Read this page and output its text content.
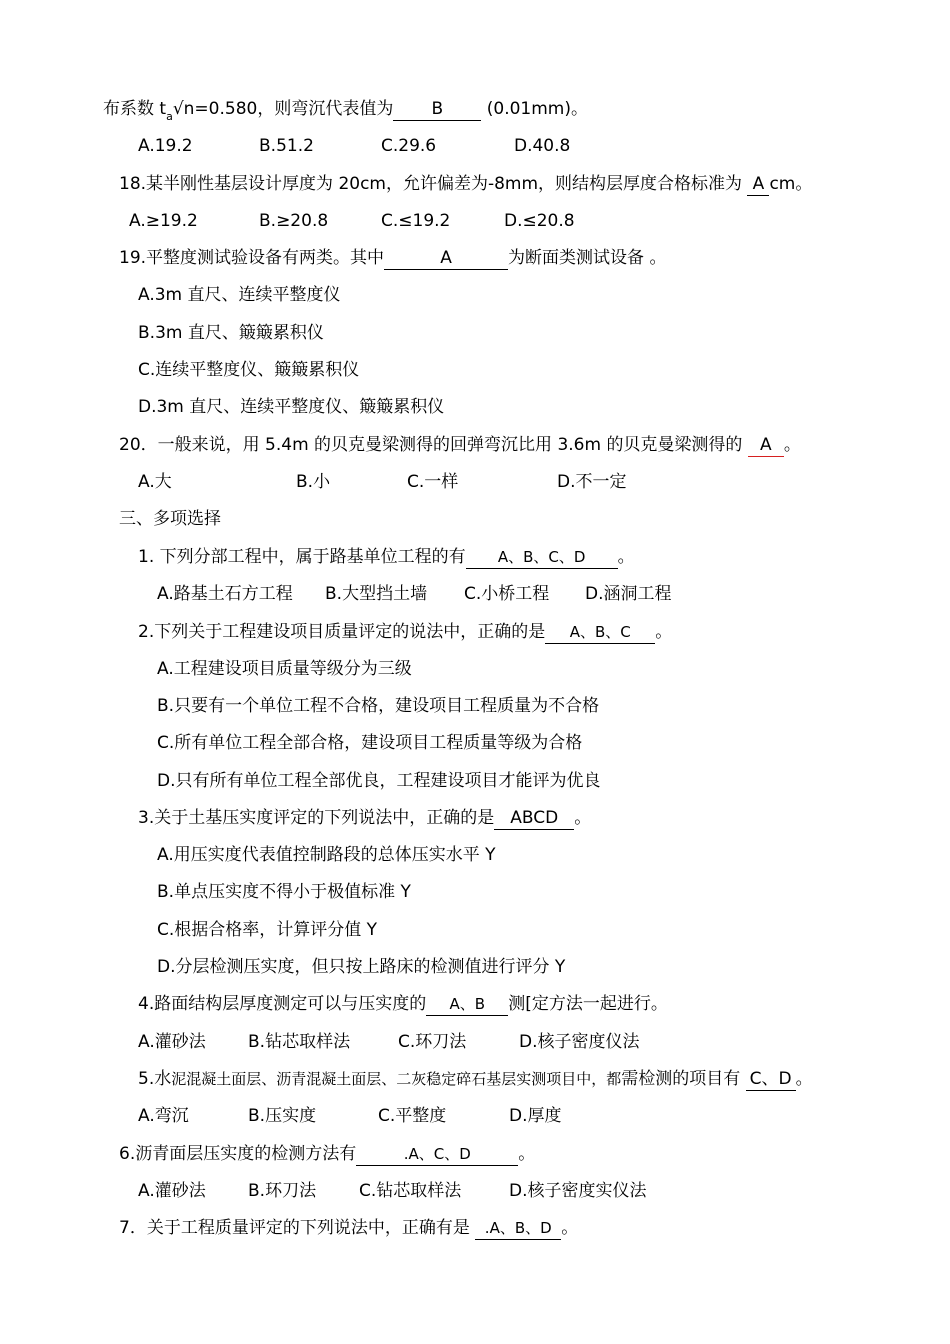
布系数 $t_a√n=0.580$，则弯沉代表值为 B (0.01mm)。
A.19.2	B.51.2	C.29.6	D.40.8
18.某半刚性基层设计厚度为 20cm，允许偏差为-8mm，则结构层厚度合格标准为 A cm。
A.≥19.2	B.≥20.8	C.≤19.2	D.≤20.8
19.平整度测试验设备有两类。其中	A	为断面类测试设备 。
A.3m 直尺、连续平整度仪
B.3m 直尺、簸簸累积仪
C.连续平整度仪、簸簸累积仪
D.3m 直尺、连续平整度仪、簸簸累积仪
20．一般来说，用 5.4m 的贝克曼梁测得的回弹弯沉比用 3.6m 的贝克曼梁测得的 A 。
A.大	B.小	C.一样	D.不一定
三、多项选择
1. 下列分部工程中，属于路基单位工程的有 A、B、C、D 。
A.路基土石方工程 B.大型挡土墙 C.小桥工程 D.涵洞工程
2.下列关于工程建设项目质量评定的说法中，正确的是 A、B、C 。
A.工程建设项目质量等级分为三级
B.只要有一个单位工程不合格，建设项目工程质量为不合格
C.所有单位工程全部合格，建设项目工程质量等级为合格
D.只有所有单位工程全部优良，工程建设项目才能评为优良
3.关于土基压实度评定的下列说法中，正确的是 ABCD 。
A.用压实度代表值控制路段的总体压实水平 Y
B.单点压实度不得小于极值标准 Y
C.根据合格率，计算评分值 Y
D.分层检测压实度，但只按上路床的检测值进行评分 Y
4.路面结构层厚度测定可以与压实度的 A、B 测[定方法一起进行。
A.灌砂法 B.钻芯取样法	C.环刀法	D.核子密度仪法
5.水泥混凝土面层、沥青混凝土面层、二灰稳定碎石基层实测项目中，都需检测的项目有 C、D 。
A.弯沉	B.压实度	C.平整度	D.厚度
6.沥青面层压实度的检测方法有	.A、C、D	。
A.灌砂法 B.环刀法	C.钻芯取样法	D.核子密度实仪法
7．关于工程质量评定的下列说法中，正确有是 .A、B、D 。
